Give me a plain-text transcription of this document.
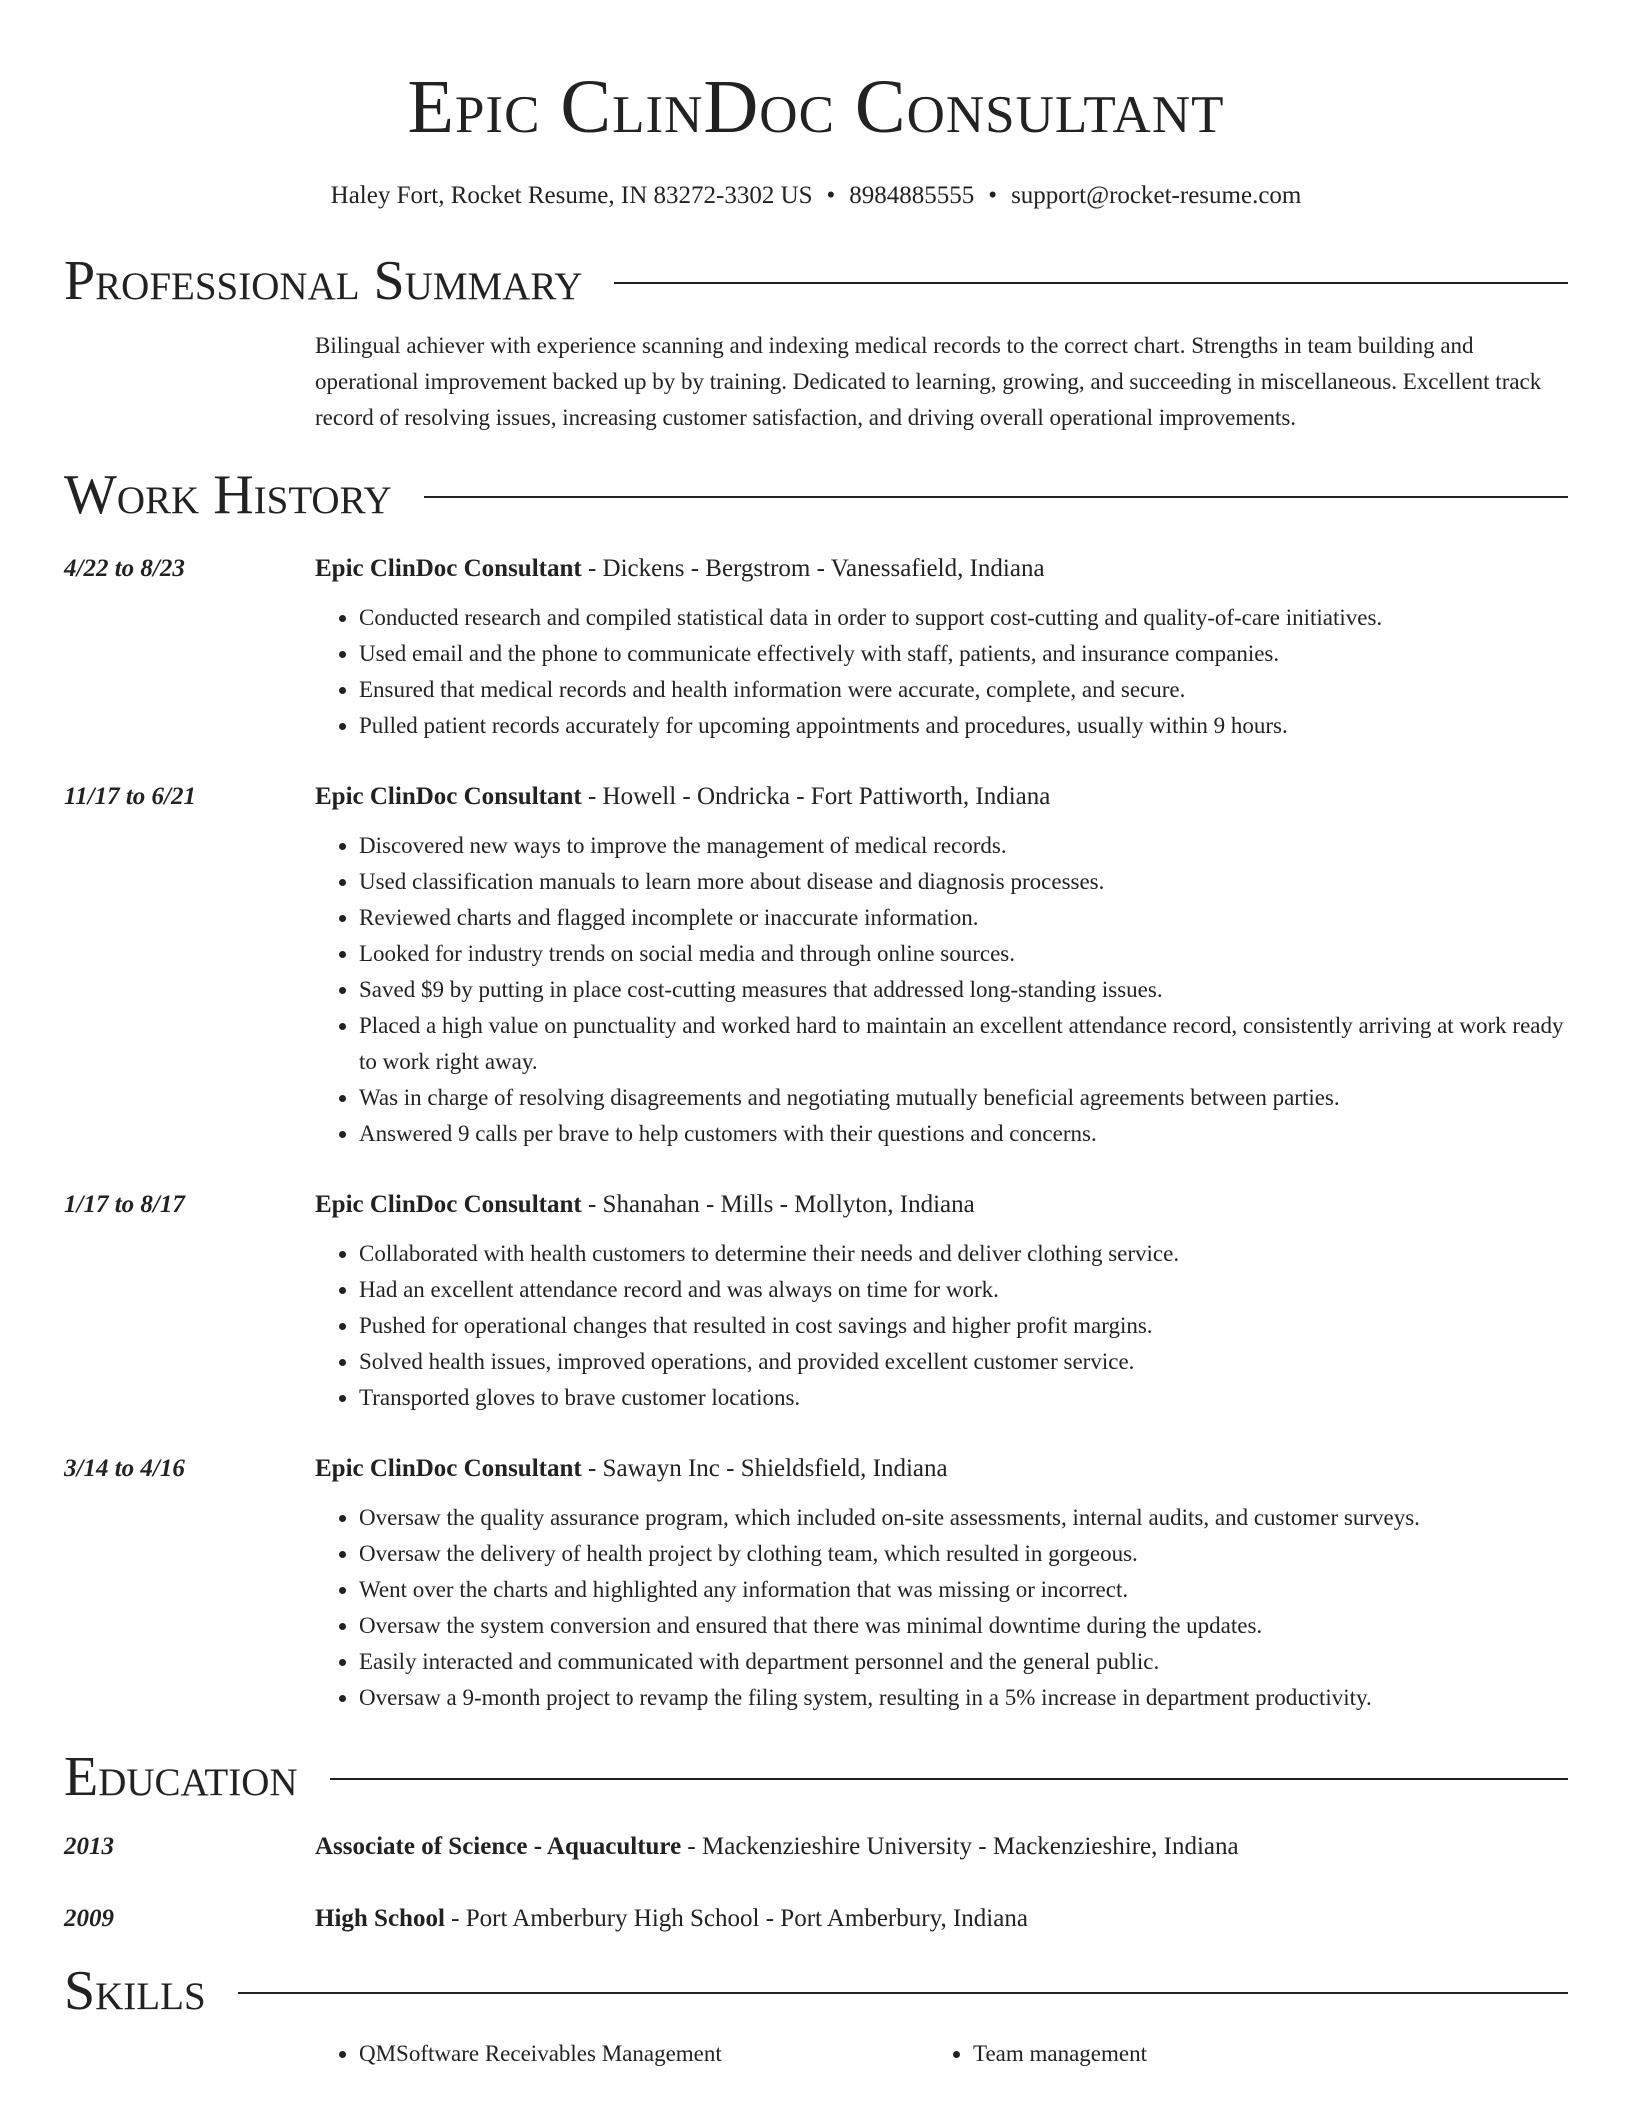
Epic ClinDoc Consultant
Haley Fort, Rocket Resume, IN 83272-3302 US • 8984885555 • support@rocket-resume.com
Professional Summary
Bilingual achiever with experience scanning and indexing medical records to the correct chart. Strengths in team building and operational improvement backed up by by training. Dedicated to learning, growing, and succeeding in miscellaneous. Excellent track record of resolving issues, increasing customer satisfaction, and driving overall operational improvements.
Work History
4/22 to 8/23	Epic ClinDoc Consultant - Dickens - Bergstrom - Vanessafield, Indiana
• Conducted research and compiled statistical data in order to support cost-cutting and quality-of-care initiatives.
• Used email and the phone to communicate effectively with staff, patients, and insurance companies.
• Ensured that medical records and health information were accurate, complete, and secure.
• Pulled patient records accurately for upcoming appointments and procedures, usually within 9 hours.
11/17 to 6/21	Epic ClinDoc Consultant - Howell - Ondricka - Fort Pattiworth, Indiana
• Discovered new ways to improve the management of medical records.
• Used classification manuals to learn more about disease and diagnosis processes.
• Reviewed charts and flagged incomplete or inaccurate information.
• Looked for industry trends on social media and through online sources.
• Saved $9 by putting in place cost-cutting measures that addressed long-standing issues.
• Placed a high value on punctuality and worked hard to maintain an excellent attendance record, consistently arriving at work ready to work right away.
• Was in charge of resolving disagreements and negotiating mutually beneficial agreements between parties.
• Answered 9 calls per brave to help customers with their questions and concerns.
1/17 to 8/17	Epic ClinDoc Consultant - Shanahan - Mills - Mollyton, Indiana
• Collaborated with health customers to determine their needs and deliver clothing service.
• Had an excellent attendance record and was always on time for work.
• Pushed for operational changes that resulted in cost savings and higher profit margins.
• Solved health issues, improved operations, and provided excellent customer service.
• Transported gloves to brave customer locations.
3/14 to 4/16	Epic ClinDoc Consultant - Sawayn Inc - Shieldsfield, Indiana
• Oversaw the quality assurance program, which included on-site assessments, internal audits, and customer surveys.
• Oversaw the delivery of health project by clothing team, which resulted in gorgeous.
• Went over the charts and highlighted any information that was missing or incorrect.
• Oversaw the system conversion and ensured that there was minimal downtime during the updates.
• Easily interacted and communicated with department personnel and the general public.
• Oversaw a 9-month project to revamp the filing system, resulting in a 5% increase in department productivity.
Education
2013	Associate of Science - Aquaculture - Mackenzieshire University - Mackenzieshire, Indiana
2009	High School - Port Amberbury High School - Port Amberbury, Indiana
Skills
• QMSoftware Receivables Management
•	Team management
